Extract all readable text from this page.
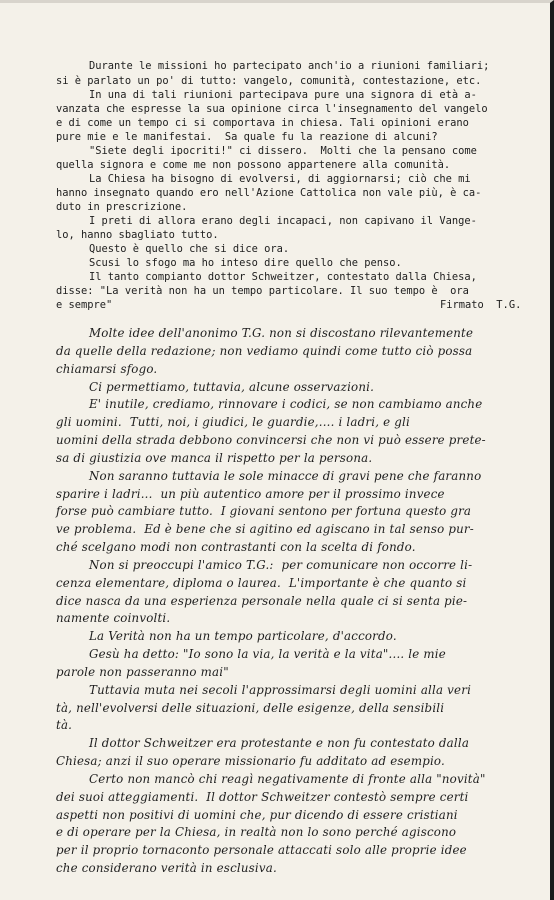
Durante le missioni ho partecipato anch'io a riunioni familiari;
si è parlato un po' di tutto: vangelo, comunità, contestazione, etc.
In una di tali riunioni partecipava pure una signora di età a-
vanzata che espresse la sua opinione circa l'insegnamento del vangelo
e di come un tempo ci si comportava in chiesa. Tali opinioni erano
pure mie e le manifestai.  Sa quale fu la reazione di alcuni?
"Siete degli ipocriti!" ci dissero.  Molti che la pensano come
quella signora e come me non possono appartenere alla comunità.
La Chiesa ha bisogno di evolversi, di aggiornarsi; ciò che mi
hanno insegnato quando ero nell'Azione Cattolica non vale più, è ca-
duto in prescrizione.
I preti di allora erano degli incapaci, non capivano il Vange-
lo, hanno sbagliato tutto.
Questo è quello che si dice ora.
Scusi lo sfogo ma ho inteso dire quello che penso.
Il tanto compianto dottor Schweitzer, contestato dalla Chiesa,
disse: "La verità non ha un tempo particolare. Il suo tempo è  ora
e sempre"	Firmato  T.G.
Molte idee dell'anonimo T.G. non si discostano rilevantemente
da quelle della redazione; non vediamo quindi come tutto ciò possa
chiamarsi sfogo.
Ci permettiamo, tuttavia, alcune osservazioni.
E' inutile, crediamo, rinnovare i codici, se non cambiamo anche
gli uomini.  Tutti, noi, i giudici, le guardie,.... i ladri, e gli
uomini della strada debbono convincersi che non vi può essere prete-
sa di giustizia ove manca il rispetto per la persona.
Non saranno tuttavia le sole minacce di gravi pene che faranno
sparire i ladri...  un più autentico amore per il prossimo invece
forse può cambiare tutto.  I giovani sentono per fortuna questo gra
ve problema.  Ed è bene che si agitino ed agiscano in tal senso pur-
ché scelgano modi non contrastanti con la scelta di fondo.
Non si preoccupi l'amico T.G.:  per comunicare non occorre li-
cenza elementare, diploma o laurea.  L'importante è che quanto si
dice nasca da una esperienza personale nella quale ci si senta pie-
namente coinvolti.
La Verità non ha un tempo particolare, d'accordo.
Gesù ha detto: "Io sono la via, la verità e la vita".... le mie
parole non passeranno mai"
Tuttavia muta nei secoli l'approssimarsi degli uomini alla veri
tà, nell'evolversi delle situazioni, delle esigenze, della sensibili
tà.
Il dottor Schweitzer era protestante e non fu contestato dalla
Chiesa; anzi il suo operare missionario fu additato ad esempio.
Certo non mancò chi reagì negativamente di fronte alla "novità"
dei suoi atteggiamenti.  Il dottor Schweitzer contestò sempre certi
aspetti non positivi di uomini che, pur dicendo di essere cristiani
e di operare per la Chiesa, in realtà non lo sono perché agiscono
per il proprio tornaconto personale attaccati solo alle proprie idee
che considerano verità in esclusiva.
